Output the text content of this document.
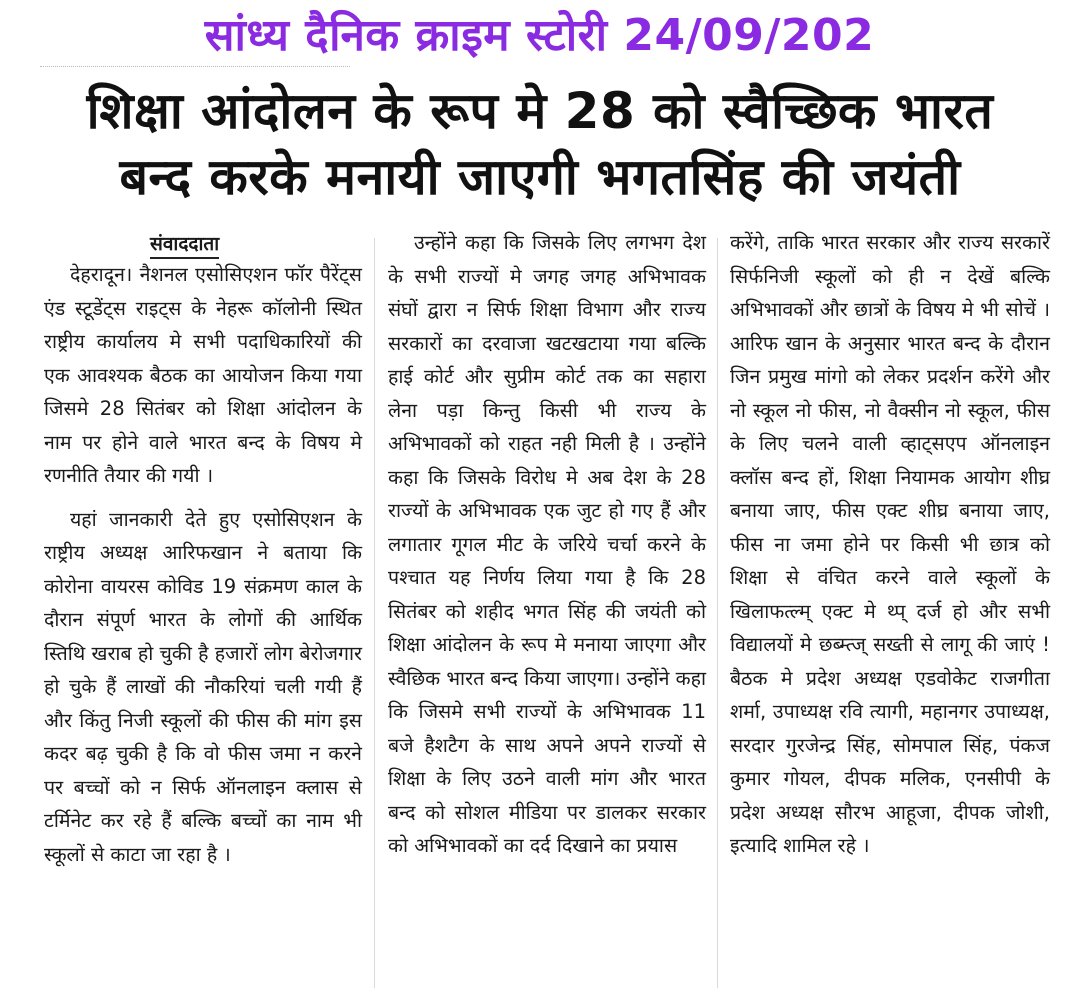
सांध्य दैनिक क्राइम स्टोरी 24/09/202
शिक्षा आंदोलन के रूप मे 28 को स्वैच्छिक भारत
बन्द करके मनायी जाएगी भगतसिंह की जयंती
संवाददाता

देहरादून। नैशनल एसोसिएशन फॉर पैरेंट्स एंड स्टूडेंट्स राइट्स के नेहरू कॉलोनी स्थित राष्ट्रीय कार्यालय मे सभी पदाधिकारियों की एक आवश्यक बैठक का आयोजन किया गया जिसमे 28 सितंबर को शिक्षा आंदोलन के नाम पर होने वाले भारत बन्द के विषय मे रणनीति तैयार की गयी ।

यहां जानकारी देते हुए एसोसिएशन के राष्ट्रीय अध्यक्ष आरिफखान ने बताया कि कोरोना वायरस कोविड 19 संक्रमण काल के दौरान संपूर्ण भारत के लोगों की आर्थिक स्तिथि खराब हो चुकी है हजारों लोग बेरोजगार हो चुके हैं लाखों की नौकरियां चली गयी हैं और किंतु निजी स्कूलों की फीस की मांग इस कदर बढ़ चुकी है कि वो फीस जमा न करने पर बच्चों को न सिर्फ ऑनलाइन क्लास से टर्मिनेट कर रहे हैं बल्कि बच्चों का नाम भी स्कूलों से काटा जा रहा है ।

उन्होंने कहा कि जिसके लिए लगभग देश के सभी राज्यों मे जगह जगह अभिभावक संघों द्वारा न सिर्फ शिक्षा विभाग और राज्य सरकारों का दरवाजा खटखटाया गया बल्कि हाई कोर्ट और सुप्रीम कोर्ट तक का सहारा लेना पड़ा किन्तु किसी भी राज्य के अभिभावकों को राहत नही मिली है । उन्होंने कहा कि जिसके विरोध मे अब देश के 28 राज्यों के अभिभावक एक जुट हो गए हैं और लगातार गूगल मीट के जरिये चर्चा करने के पश्चात यह निर्णय लिया गया है कि 28 सितंबर को शहीद भगत सिंह की जयंती को शिक्षा आंदोलन के रूप मे मनाया जाएगा और स्वैछिक भारत बन्द किया जाएगा। उन्होंने कहा कि जिसमे सभी राज्यों के अभिभावक 11 बजे हैशटैग के साथ अपने अपने राज्यों से शिक्षा के लिए उठने वाली मांग और भारत बन्द को सोशल मीडिया पर डालकर सरकार को अभिभावकों का दर्द दिखाने का प्रयास

करेंगे, ताकि भारत सरकार और राज्य सरकारें सिर्फनिजी स्कूलों को ही न देखें बल्कि अभिभावकों और छात्रों के विषय मे भी सोचें । आरिफ खान के अनुसार भारत बन्द के दौरान जिन प्रमुख मांगो को लेकर प्रदर्शन करेंगे और नो स्कूल नो फीस, नो वैक्सीन नो स्कूल, फीस के लिए चलने वाली व्हाट्सएप ऑनलाइन क्लॉस बन्द हों, शिक्षा नियामक आयोग शीघ्र बनाया जाए, फीस एक्ट शीघ्र बनाया जाए, फीस ना जमा होने पर किसी भी छात्र को शिक्षा से वंचित करने वाले स्कूलों के खिलाफत्ल्म् एक्ट मे थ्प् दर्ज हो और सभी विद्यालयों मे छब्म्त्ज् सख्ती से लागू की जाएं ! बैठक मे प्रदेश अध्यक्ष एडवोकेट राजगीता शर्मा, उपाध्यक्ष रवि त्यागी, महानगर उपाध्यक्ष, सरदार गुरजेन्द्र सिंह, सोमपाल सिंह, पंकज कुमार गोयल, दीपक मलिक, एनसीपी के प्रदेश अध्यक्ष सौरभ आहूजा, दीपक जोशी, इत्यादि शामिल रहे ।
